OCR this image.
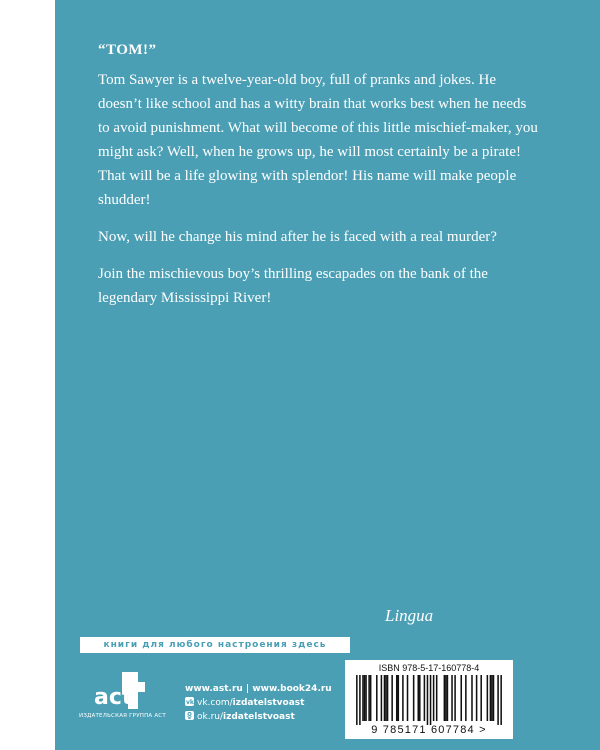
“TOM!”

Tom Sawyer is a twelve-year-old boy, full of pranks and jokes. He doesn’t like school and has a witty brain that works best when he needs to avoid punishment. What will become of this little mischief-maker, you might ask? Well, when he grows up, he will most certainly be a pirate! That will be a life glowing with splendor! His name will make people shudder!

Now, will he change his mind after he is faced with a real murder?

Join the mischievous boy’s thrilling escapades on the bank of the legendary Mississippi River!

Lingua
книги для любого настроения здесь
act
ИЗДАТЕЛЬСКАЯ ГРУППА АСТ
www.ast.ru | www.book24.ru
vk vk.com/izdatelstvoast
ok.ru/izdatelstvoast
ISBN 978-5-17-160778-4
9 785171 607784 >
